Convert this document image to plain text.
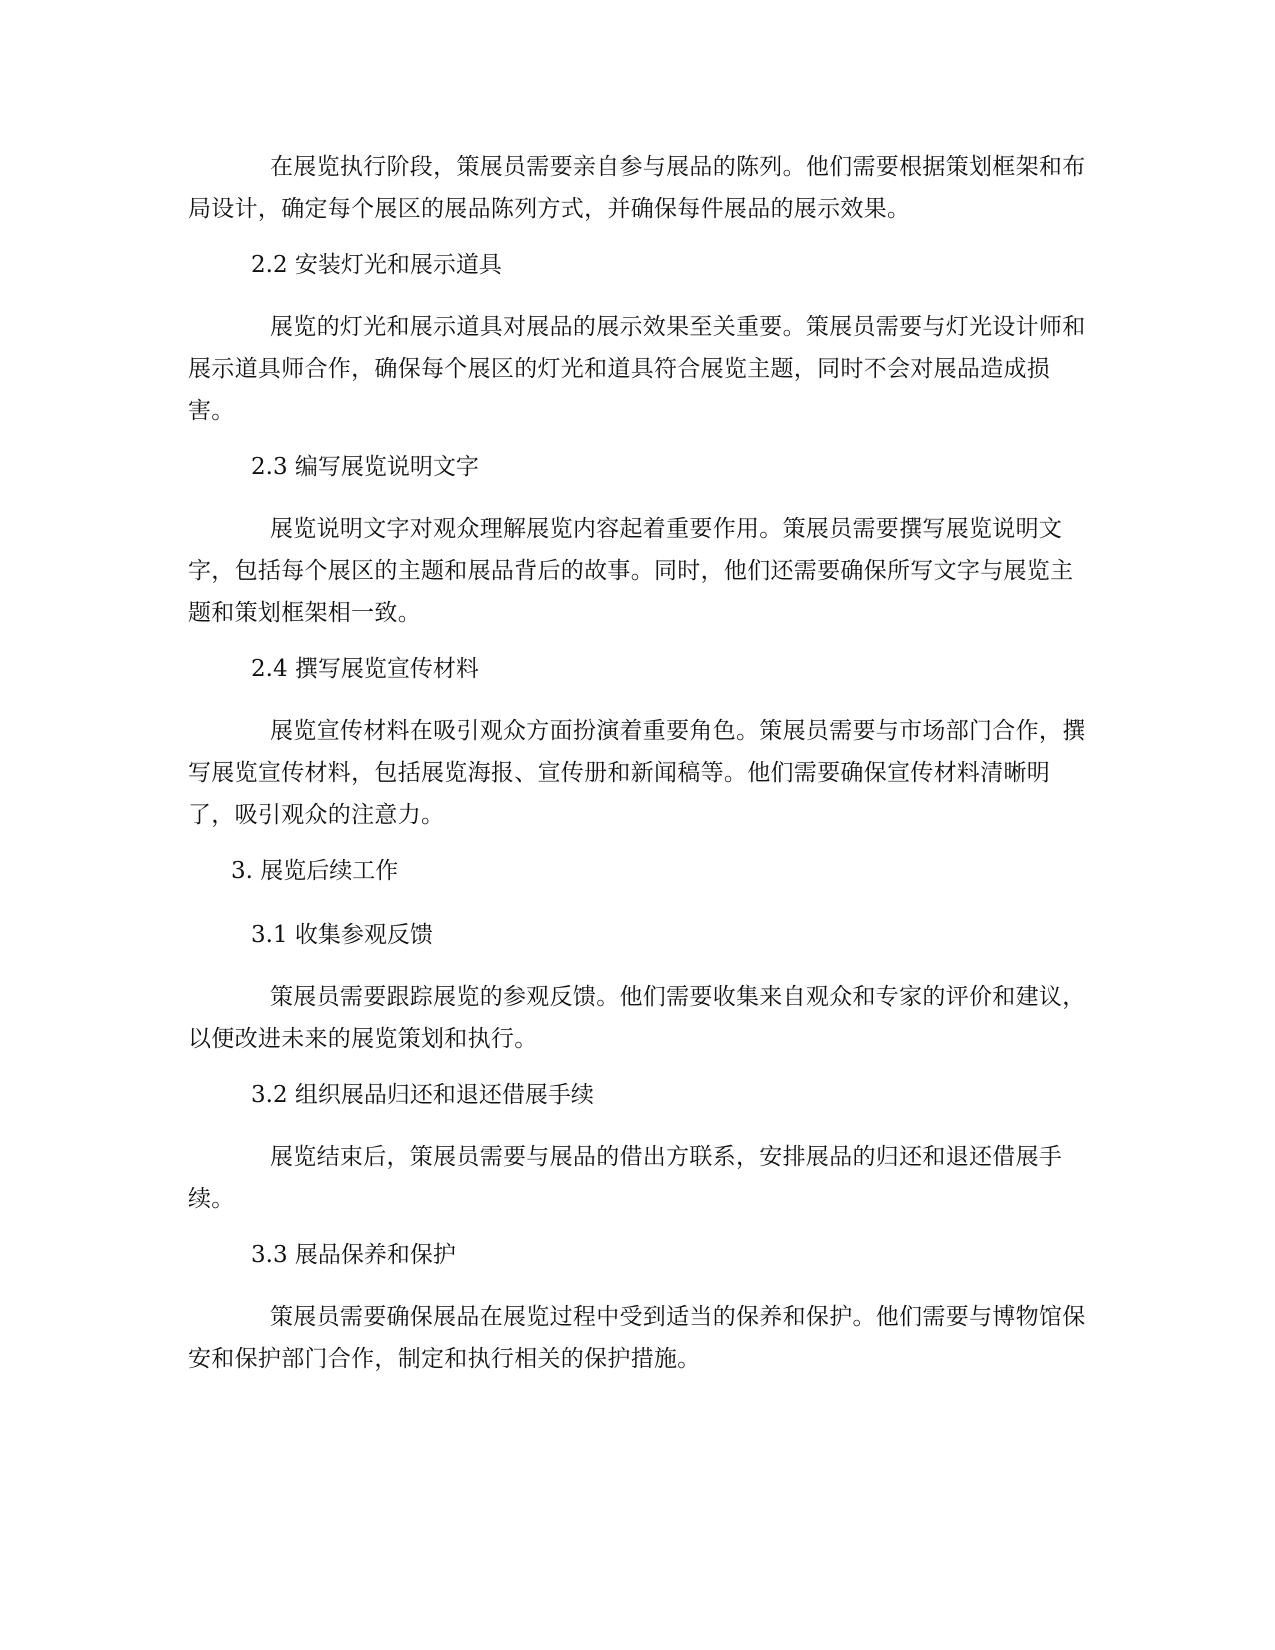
在展览执行阶段，策展员需要亲自参与展品的陈列。他们需要根据策划框架和布局设计，确定每个展区的展品陈列方式，并确保每件展品的展示效果。

2.2 安装灯光和展示道具

展览的灯光和展示道具对展品的展示效果至关重要。策展员需要与灯光设计师和展示道具师合作，确保每个展区的灯光和道具符合展览主题，同时不会对展品造成损害。

2.3 编写展览说明文字

展览说明文字对观众理解展览内容起着重要作用。策展员需要撰写展览说明文字，包括每个展区的主题和展品背后的故事。同时，他们还需要确保所写文字与展览主题和策划框架相一致。

2.4 撰写展览宣传材料

展览宣传材料在吸引观众方面扮演着重要角色。策展员需要与市场部门合作，撰写展览宣传材料，包括展览海报、宣传册和新闻稿等。他们需要确保宣传材料清晰明了，吸引观众的注意力。

3. 展览后续工作

3.1 收集参观反馈

策展员需要跟踪展览的参观反馈。他们需要收集来自观众和专家的评价和建议，以便改进未来的展览策划和执行。

3.2 组织展品归还和退还借展手续

展览结束后，策展员需要与展品的借出方联系，安排展品的归还和退还借展手续。

3.3 展品保养和保护

策展员需要确保展品在展览过程中受到适当的保养和保护。他们需要与博物馆保安和保护部门合作，制定和执行相关的保护措施。
